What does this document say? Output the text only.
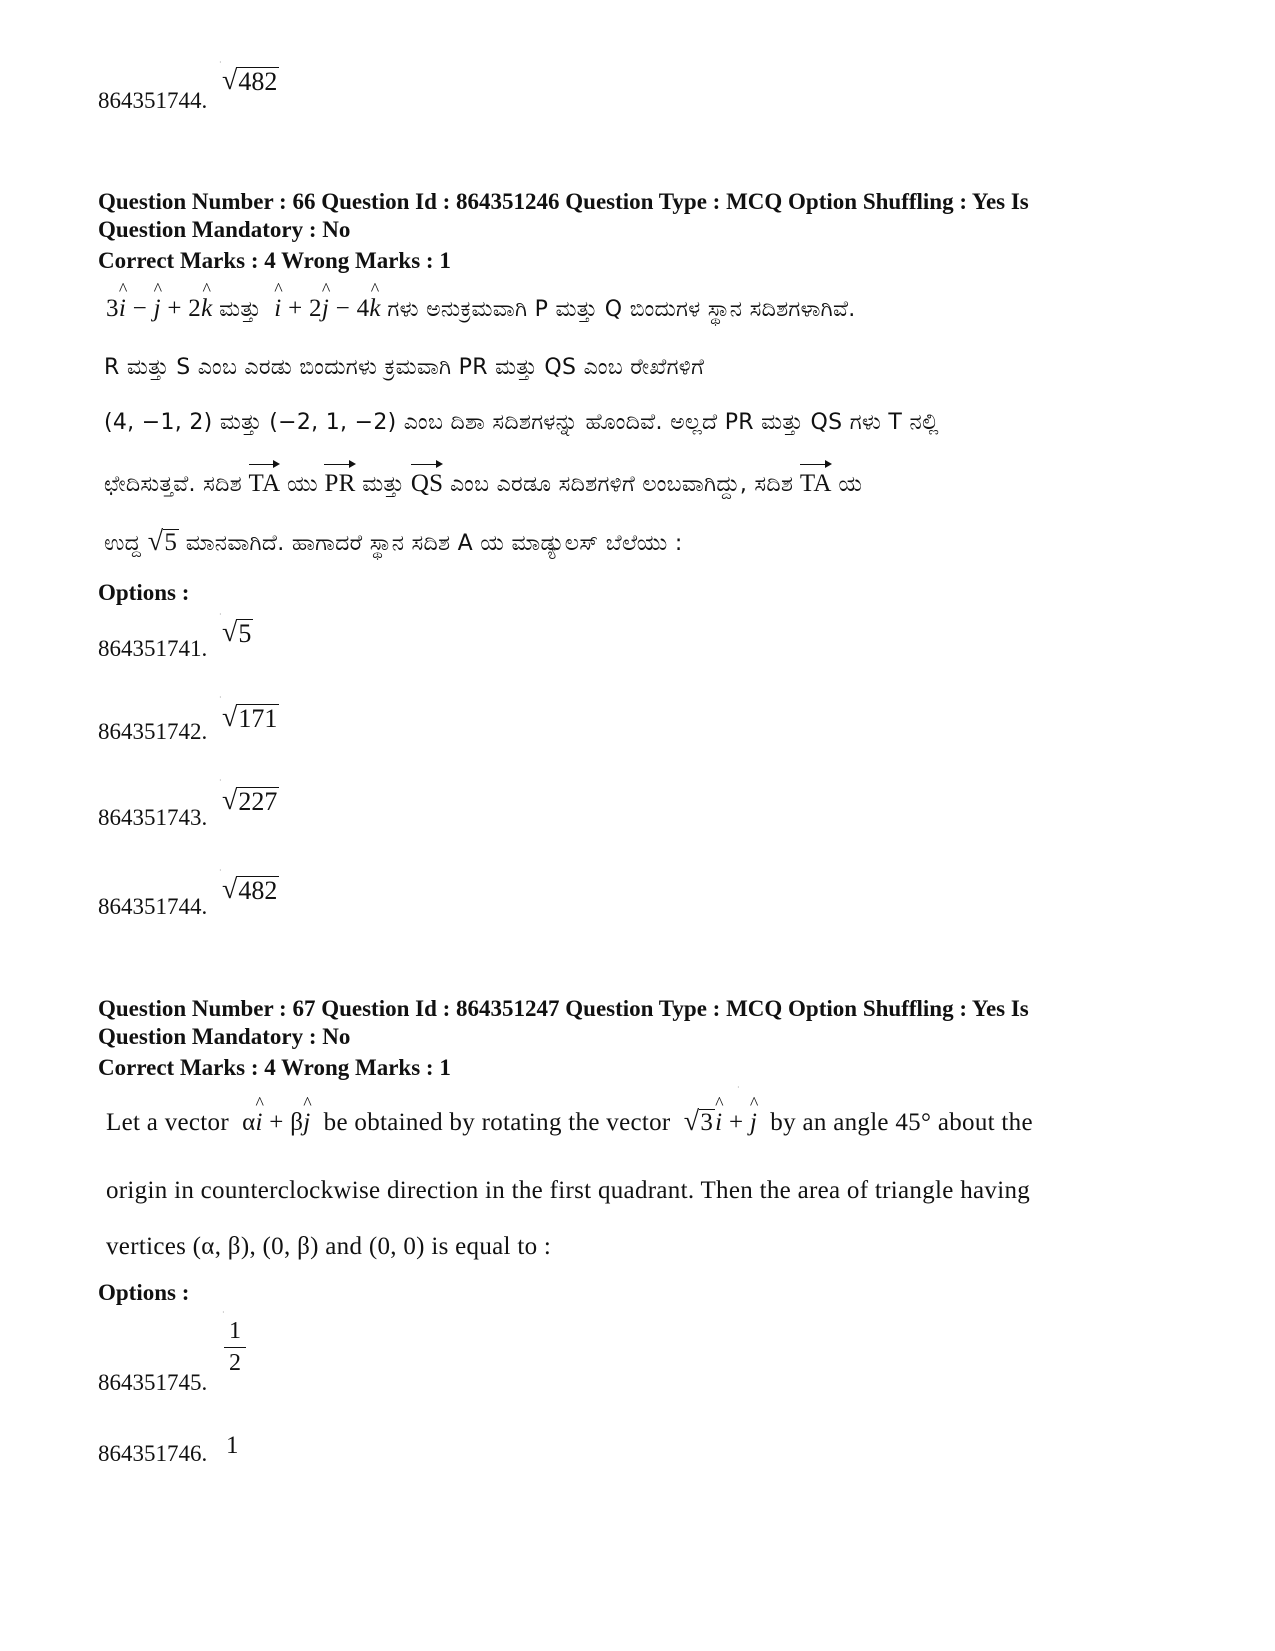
·
864351744.
√ 482
Question Number : 66 Question Id : 864351246 Question Type : MCQ Option Shuffling : Yes Is
Question Mandatory : No
Correct Marks : 4 Wrong Marks : 1
3^ i − ^ j + 2^ k ಮತ್ತು ^ i + 2^ j − 4^ k ಗಳು ಅನುಕ್ರಮವಾಗಿ P ಮತ್ತು Q ಬಿಂದುಗಳ ಸ್ಥಾನ ಸದಿಶಗಳಾಗಿವೆ.
R ಮತ್ತು S ಎಂಬ ಎರಡು ಬಿಂದುಗಳು ಕ್ರಮವಾಗಿ PR ಮತ್ತು QS ಎಂಬ ರೇಖೆಗಳಿಗೆ
(4, −1, 2) ಮತ್ತು (−2, 1, −2) ಎಂಬ ದಿಶಾ ಸದಿಶಗಳನ್ನು ಹೊಂದಿವೆ. ಅಲ್ಲದೆ PR ಮತ್ತು QS ಗಳು T ನಲ್ಲಿ
ಛೇದಿಸುತ್ತವೆ. ಸದಿಶ TA ಯು PR ಮತ್ತು QS ಎಂಬ ಎರಡೂ ಸದಿಶಗಳಿಗೆ ಲಂಬವಾಗಿದ್ದು, ಸದಿಶ TA ಯ
ಉದ್ದ √ 5 ಮಾನವಾಗಿದೆ. ಹಾಗಾದರೆ ಸ್ಥಾನ ಸದಿಶ A ಯ ಮಾಡ್ಯುಲಸ್ ಬೆಲೆಯು :
Options :
·
864351741.
√ 5
·
864351742. √ 171
·
864351743.
√ 227
·
864351744.
√ 482
Question Number : 67 Question Id : 864351247 Question Type : MCQ Option Shuffling : Yes Is
Question Mandatory : No
Correct Marks : 4 Wrong Marks : 1
·
Let a vector  α^ i + β^ j be obtained by rotating the vector √ 3 ^ i + ^ j by an angle 45° about the
origin in counterclockwise direction in the first quadrant. Then the area of triangle having
vertices (α, β), (0, β) and (0, 0) is equal to :
Options :
·
864351745.
$\frac{1}{2}$
864351746. 1
